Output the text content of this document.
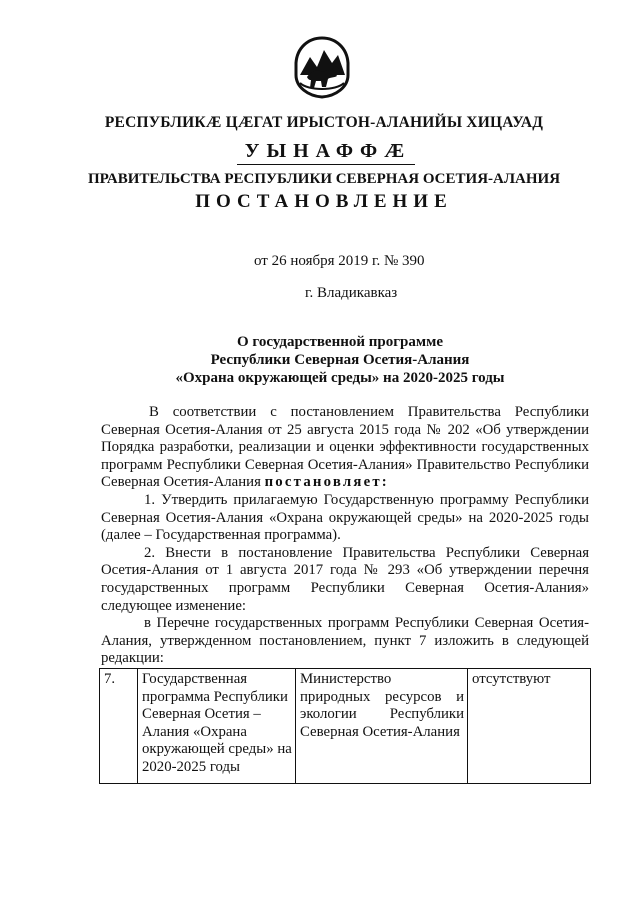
РЕСПУБЛИКӔ ЦӔГАТ ИРЫСТОН-АЛАНИЙЫ ХИЦАУАД
УЫНАФФӔ
ПРАВИТЕЛЬСТВА РЕСПУБЛИКИ СЕВЕРНАЯ ОСЕТИЯ-АЛАНИЯ
ПОСТАНОВЛЕНИЕ
от 26 ноября 2019 г. № 390
г. Владикавказ
О государственной программе
Республики Северная Осетия-Алания
«Охрана окружающей среды» на 2020-2025 годы

В соответствии с постановлением Правительства Республики Северная Осетия-Алания от 25 августа 2015 года № 202 «Об утверждении Порядка разработки, реализации и оценки эффективности государственных программ Республики Северная Осетия-Алания» Правительство Республики Северная Осетия-Алания постановляет:

1. Утвердить прилагаемую Государственную программу Республики Северная Осетия-Алания «Охрана окружающей среды» на 2020-2025 годы (далее – Государственная программа).

2. Внести в постановление Правительства Республики Северная Осетия-Алания от 1 августа 2017 года № 293 «Об утверждении перечня государственных программ Республики Северная Осетия-Алания» следующее изменение:

в Перечне государственных программ Республики Северная Осетия-Алания, утвержденном постановлением, пункт 7 изложить в следующей редакции:

7.	Государственная программа Республики Северная Осетия – Алания «Охрана окружающей среды» на 2020-2025 годы	Министерство природных ресурсов и экологии Республики Северная Осетия-Алания	отсутствуют
